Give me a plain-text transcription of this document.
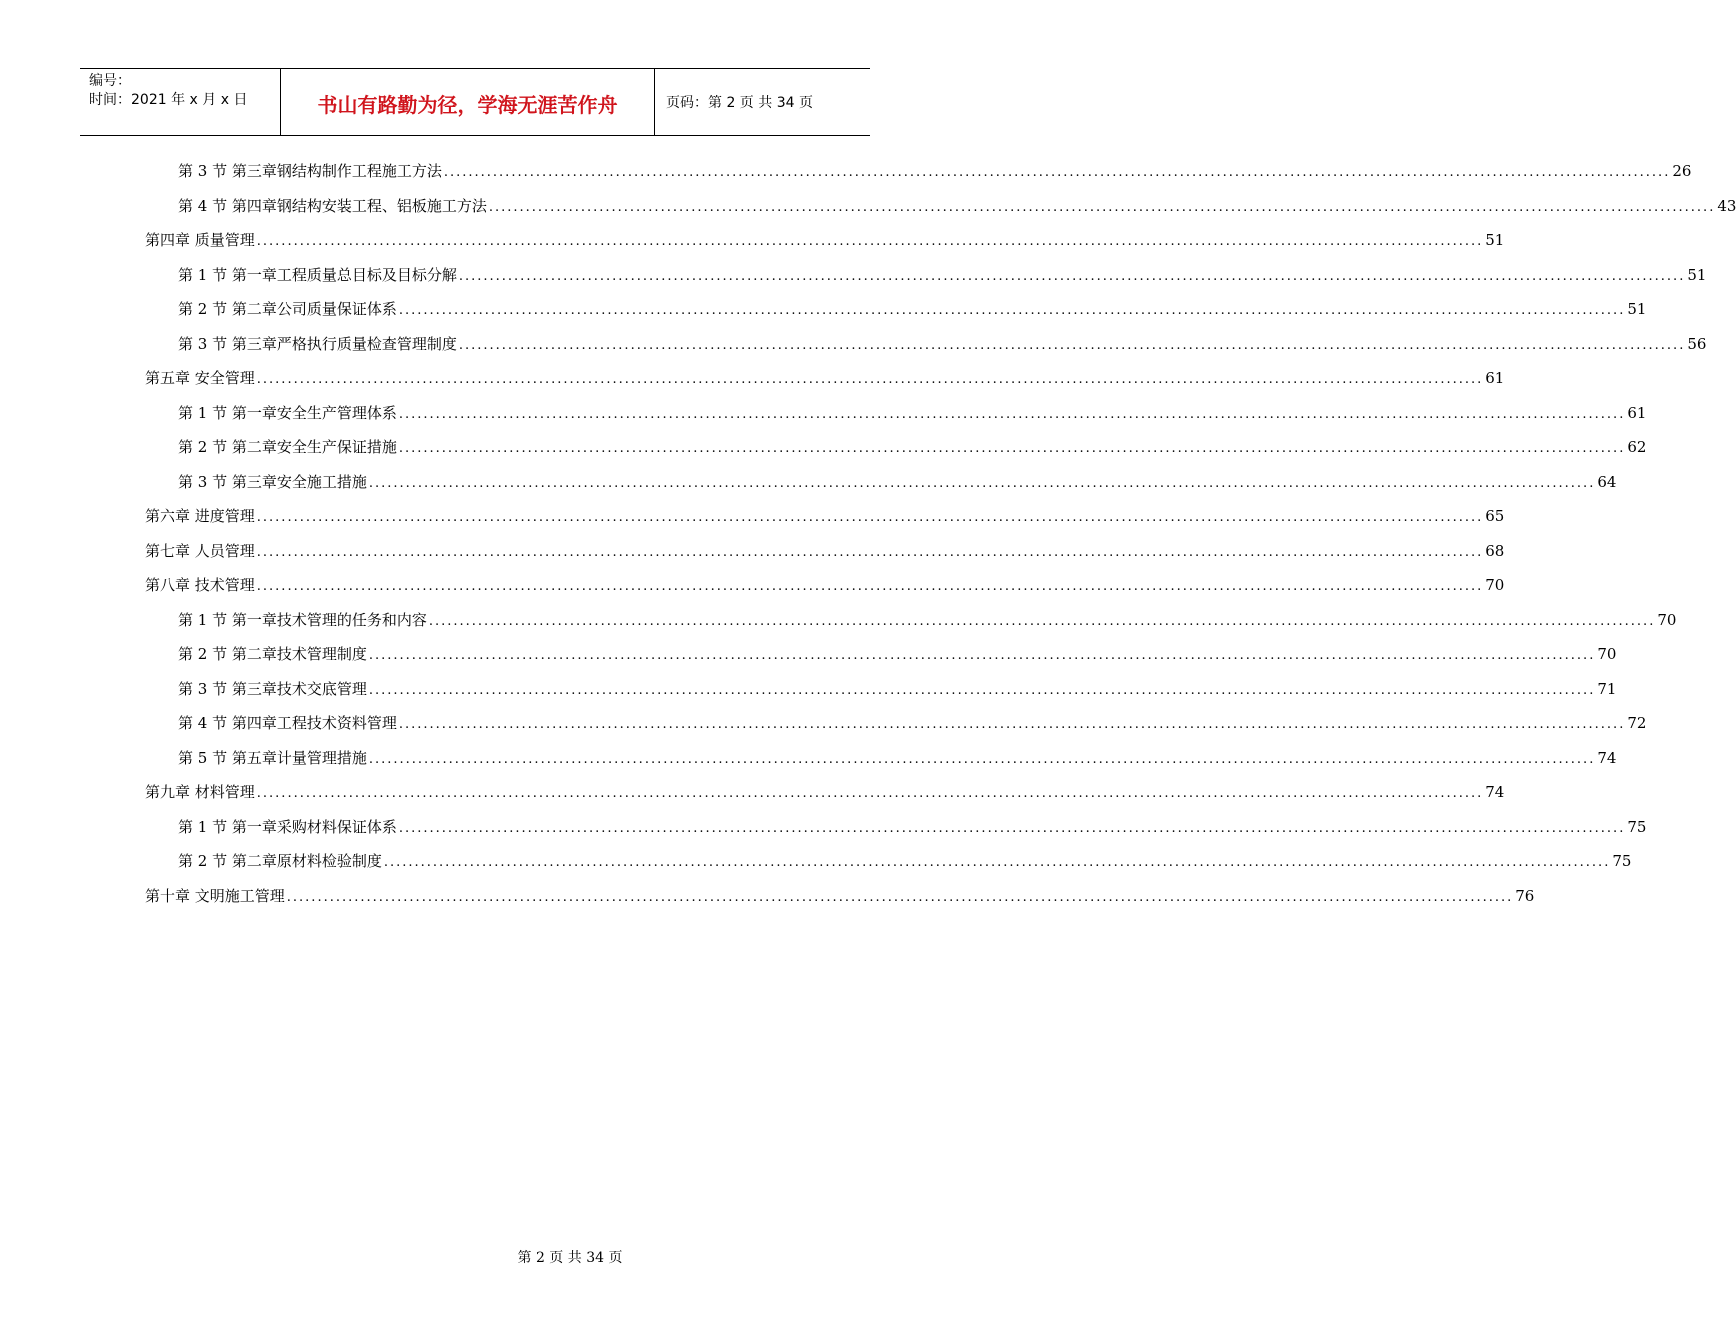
编号：
时间：2021 年 x 月 x 日	书山有路勤为径，学海无涯苦作舟	页码：第 2 页 共 34 页
第 3 节 第三章钢结构制作工程施工方法 ........................................................................................................................................................................................................ 26
第 4 节 第四章钢结构安装工程、铝板施工方法 ........................................................................................................................................................................................................ 43
第四章 质量管理 ........................................................................................................................................................................................................ 51
第 1 节 第一章工程质量总目标及目标分解 ........................................................................................................................................................................................................ 51
第 2 节 第二章公司质量保证体系 ........................................................................................................................................................................................................ 51
第 3 节 第三章严格执行质量检查管理制度 ........................................................................................................................................................................................................ 56
第五章 安全管理 ........................................................................................................................................................................................................ 61
第 1 节 第一章安全生产管理体系 ........................................................................................................................................................................................................ 61
第 2 节 第二章安全生产保证措施 ........................................................................................................................................................................................................ 62
第 3 节 第三章安全施工措施 ........................................................................................................................................................................................................ 64
第六章 进度管理 ........................................................................................................................................................................................................ 65
第七章 人员管理 ........................................................................................................................................................................................................ 68
第八章 技术管理 ........................................................................................................................................................................................................ 70
第 1 节 第一章技术管理的任务和内容 ........................................................................................................................................................................................................ 70
第 2 节 第二章技术管理制度 ........................................................................................................................................................................................................ 70
第 3 节 第三章技术交底管理 ........................................................................................................................................................................................................ 71
第 4 节 第四章工程技术资料管理 ........................................................................................................................................................................................................ 72
第 5 节 第五章计量管理措施 ........................................................................................................................................................................................................ 74
第九章 材料管理 ........................................................................................................................................................................................................ 74
第 1 节 第一章采购材料保证体系 ........................................................................................................................................................................................................ 75
第 2 节 第二章原材料检验制度 ........................................................................................................................................................................................................ 75
第十章 文明施工管理 ........................................................................................................................................................................................................ 76
第 2 页 共 34 页
